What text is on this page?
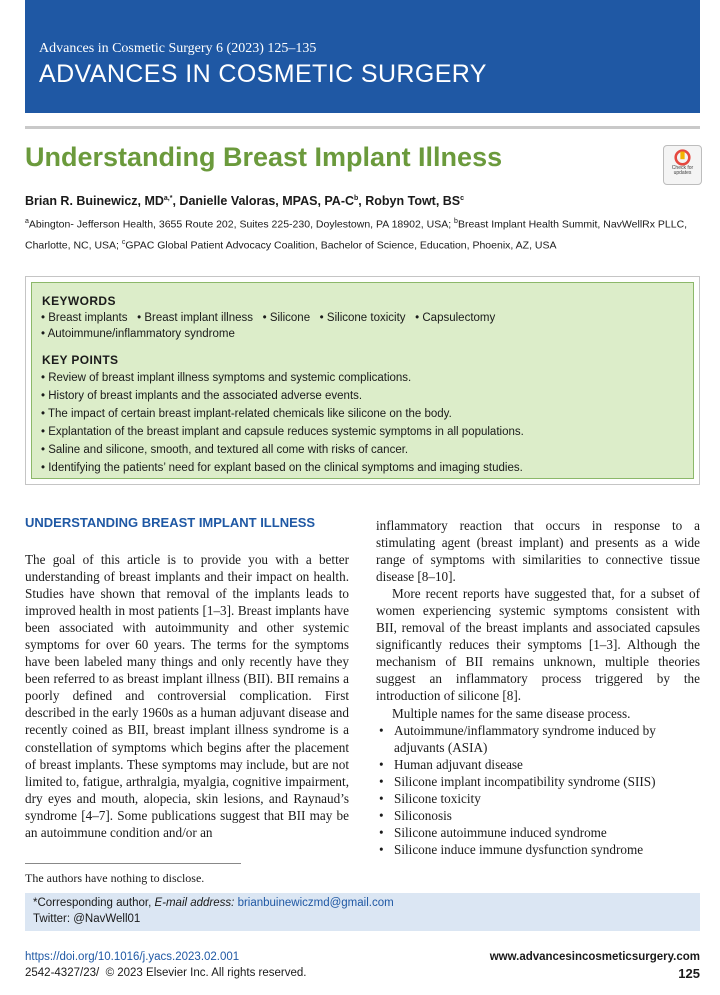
Advances in Cosmetic Surgery 6 (2023) 125–135
ADVANCES IN COSMETIC SURGERY
Understanding Breast Implant Illness	Check for updates
Brian R. Buinewicz, $MD^{a,*}$, Danielle Valoras, MPAS, $PA-C^b$, Robyn Towt, $BS^c$
$^a$Abington- Jefferson Health, 3655 Route 202, Suites 225-230, Doylestown, PA 18902, USA; $^b$Breast Implant Health Summit, NavWellRx PLLC, Charlotte, NC, USA; $^c$GPAC Global Patient Advocacy Coalition, Bachelor of Science, Education, Phoenix, AZ, USA
KEYWORDS
• Breast implants   • Breast implant illness   • Silicone   • Silicone toxicity   • Capsulectomy
• Autoimmune/inflammatory syndrome
KEY POINTS
• Review of breast implant illness symptoms and systemic complications.
• History of breast implants and the associated adverse events.
• The impact of certain breast implant-related chemicals like silicone on the body.
• Explantation of the breast implant and capsule reduces systemic symptoms in all populations.
• Saline and silicone, smooth, and textured all come with risks of cancer.
• Identifying the patients’ need for explant based on the clinical symptoms and imaging studies.
UNDERSTANDING BREAST IMPLANT ILLNESS

The goal of this article is to provide you with a better understanding of breast implants and their impact on health. Studies have shown that removal of the implants leads to improved health in most patients [1–3]. Breast implants have been associated with autoimmunity and other systemic symptoms for over 60 years. The terms for the symptoms have been labeled many things and only recently have they been referred to as breast implant illness (BII). BII remains a poorly defined and controversial complication. First described in the early 1960s as a human adjuvant disease and recently coined as BII, breast implant illness syndrome is a constellation of symptoms which begins after the placement of breast implants. These symptoms may include, but are not limited to, fatigue, arthralgia, myalgia, cognitive impairment, dry eyes and mouth, alopecia, skin lesions, and Raynaud’s syndrome [4–7]. Some publications suggest that BII may be an autoimmune condition and/or an

inflammatory reaction that occurs in response to a stimulating agent (breast implant) and presents as a wide range of symptoms with similarities to connective tissue disease [8–10].

More recent reports have suggested that, for a subset of women experiencing systemic symptoms consistent with BII, removal of the breast implants and associated capsules significantly reduces their symptoms [1–3]. Although the mechanism of BII remains unknown, multiple theories suggest an inflammatory process triggered by the introduction of silicone [8].

Multiple names for the same disease process.

• Autoimmune/inflammatory syndrome induced by adjuvants (ASIA)
• Human adjuvant disease
• Silicone implant incompatibility syndrome (SIIS)
• Silicone toxicity
• Siliconosis
• Silicone autoimmune induced syndrome
• Silicone induce immune dysfunction syndrome
The authors have nothing to disclose.
*Corresponding author, E-mail address: brianbuinewiczmd@gmail.com
Twitter: @NavWell01
https://doi.org/10.1016/j.yacs.2023.02.001
2542-4327/23/ © 2023 Elsevier Inc. All rights reserved.
www.advancesincosmeticsurgery.com
125
